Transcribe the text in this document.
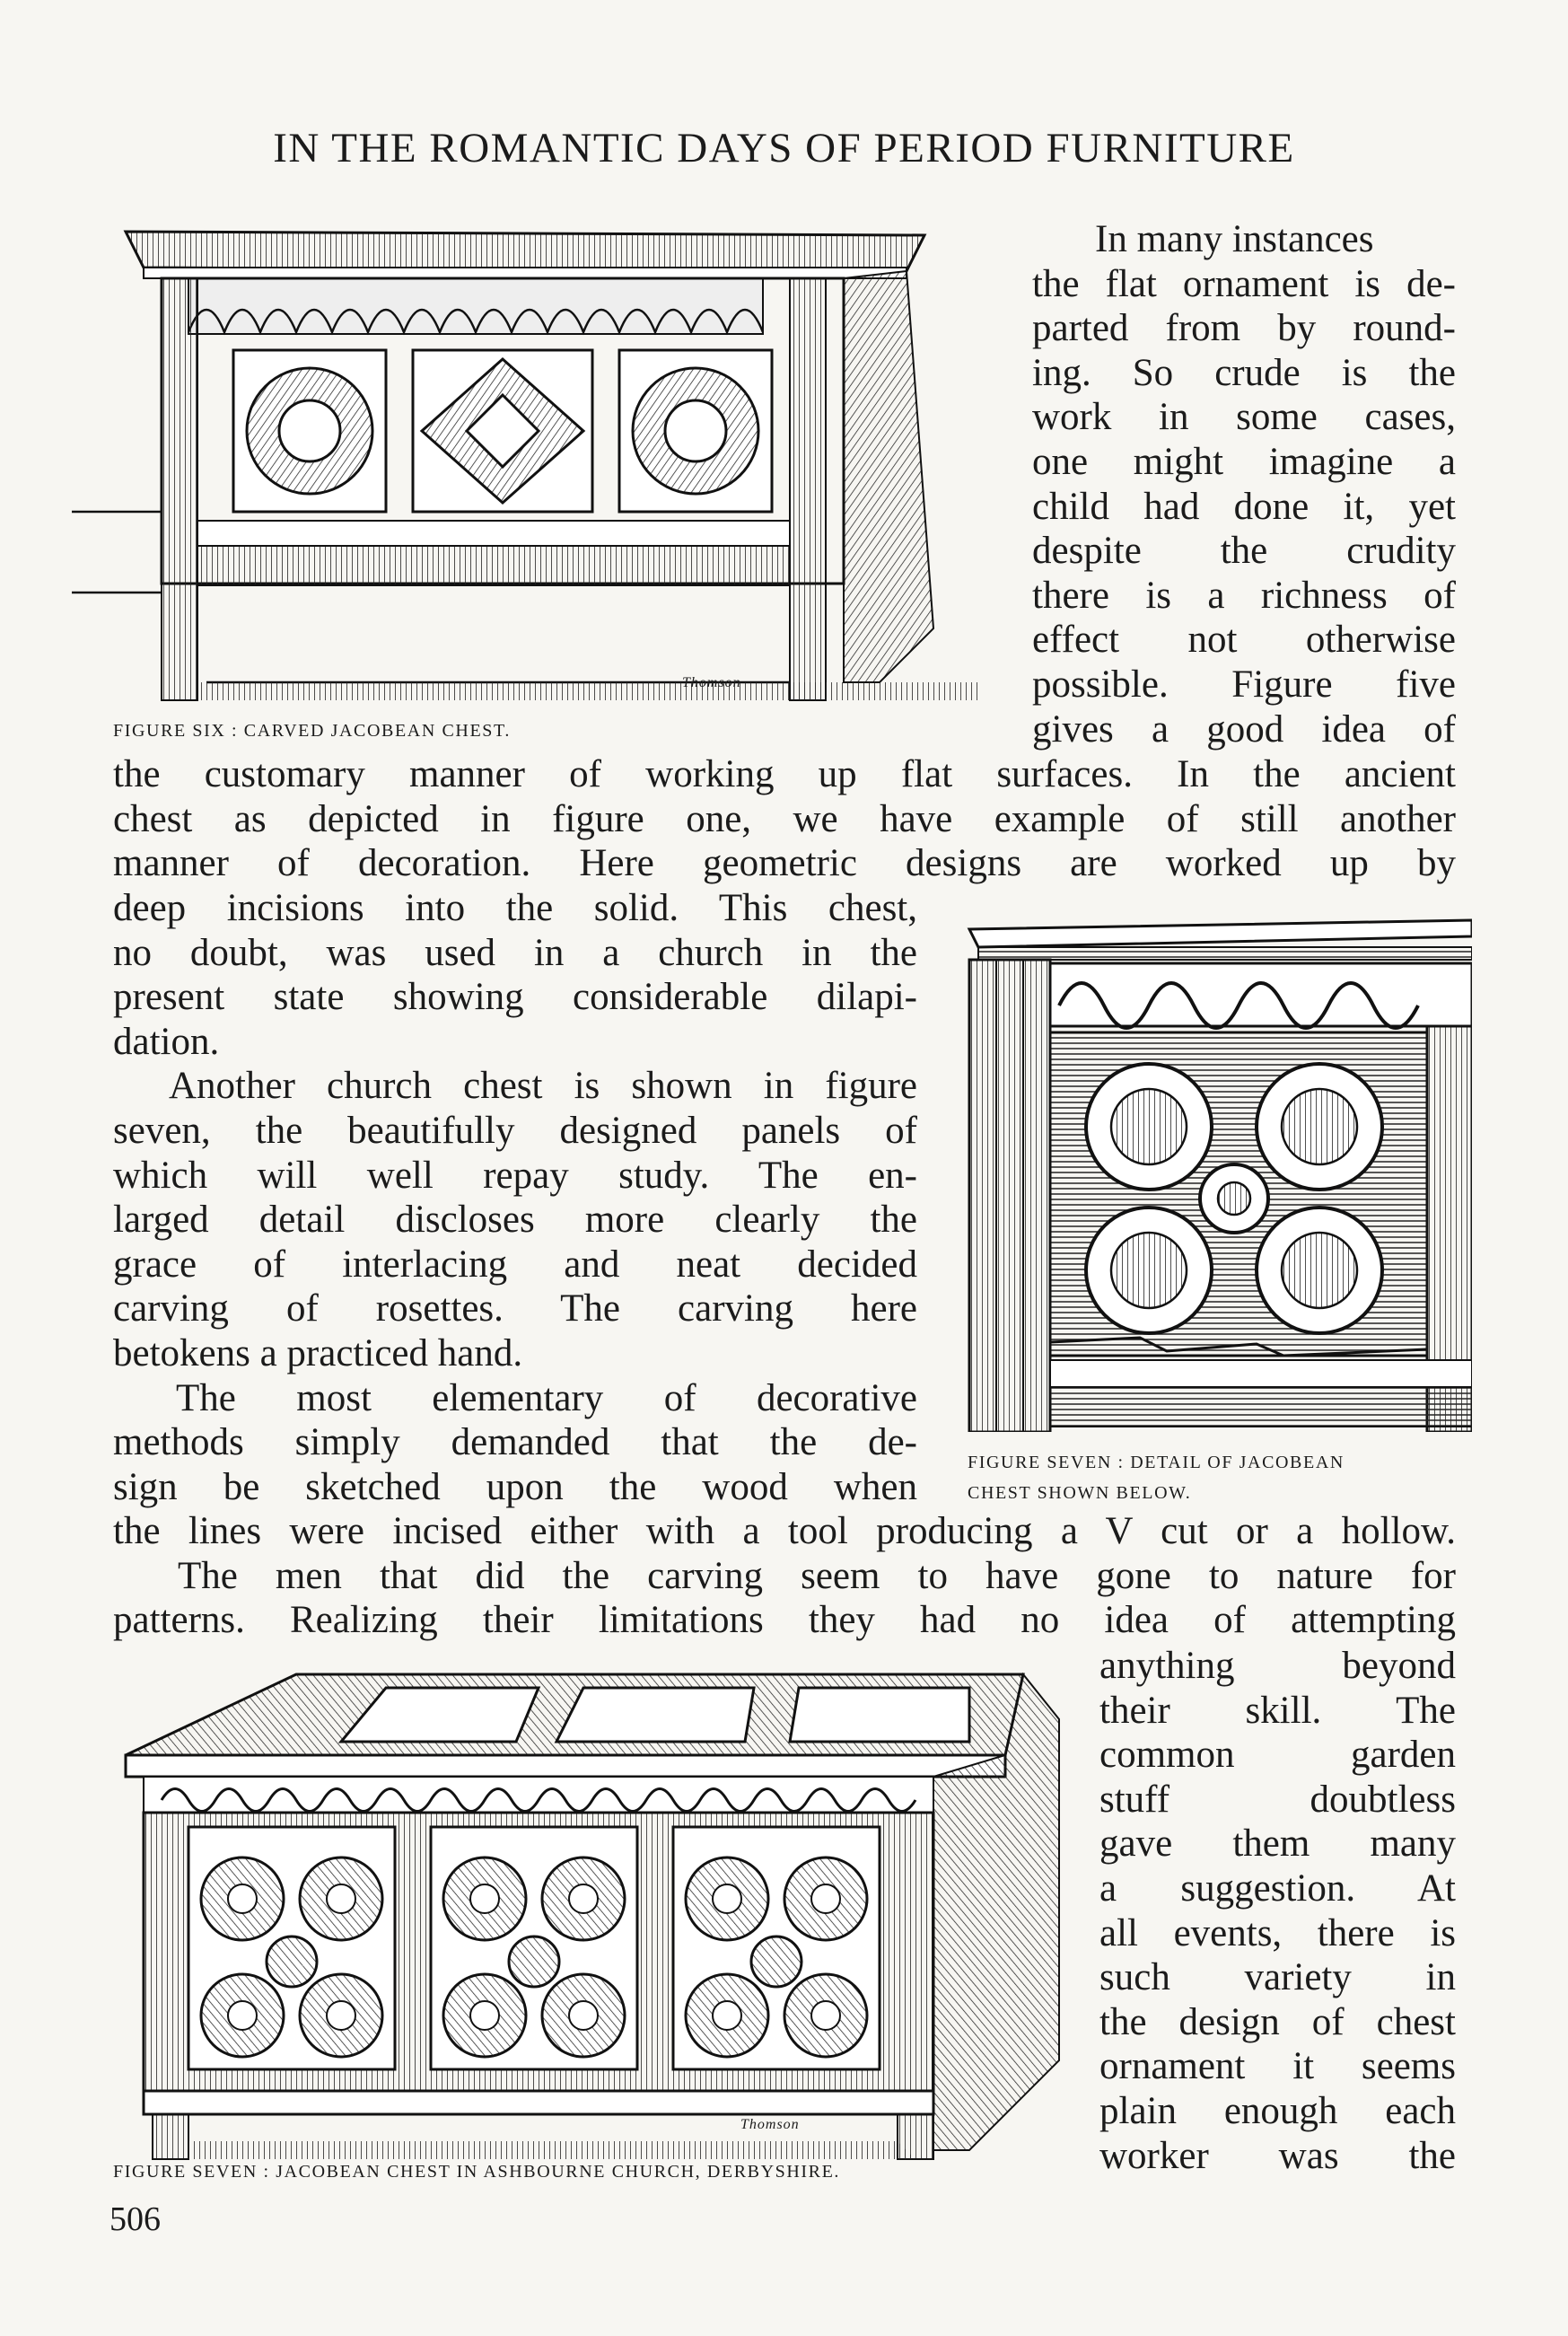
IN THE ROMANTIC DAYS OF PERIOD FURNITURE
Thomson
FIGURE SIX : CARVED JACOBEAN CHEST.
In many instances
the flat ornament is de-
parted from by round-
ing. So crude is the
work in some cases,
one might imagine a
child had done it, yet
despite the crudity
there is a richness of
effect not otherwise
possible. Figure five
gives a good idea of
the customary manner of working up flat surfaces. In the ancient
chest as depicted in figure one, we have example of still another
manner of decoration. Here geometric designs are worked up by
deep incisions into the solid. This chest,
no doubt, was used in a church in the
present state showing considerable dilapi-
dation.
Another church chest is shown in figure
seven, the beautifully designed panels of
which will well repay study. The en-
larged detail discloses more clearly the
grace of interlacing and neat decided
carving of rosettes. The carving here
betokens a practiced hand.
The most elementary of decorative
methods simply demanded that the de-
sign be sketched upon the wood when
FIGURE SEVEN : DETAIL OF JACOBEAN
CHEST SHOWN BELOW.
the lines were incised either with a tool producing a V cut or a hollow.
The men that did the carving seem to have gone to nature for
patterns. Realizing their limitations they had no idea of attempting
Thomson
FIGURE SEVEN : JACOBEAN CHEST IN ASHBOURNE CHURCH, DERBYSHIRE.
anything beyond
their skill. The
common garden
stuff doubtless
gave them many
a suggestion. At
all events, there is
such variety in
the design of chest
ornament it seems
plain enough each
worker was the
506
